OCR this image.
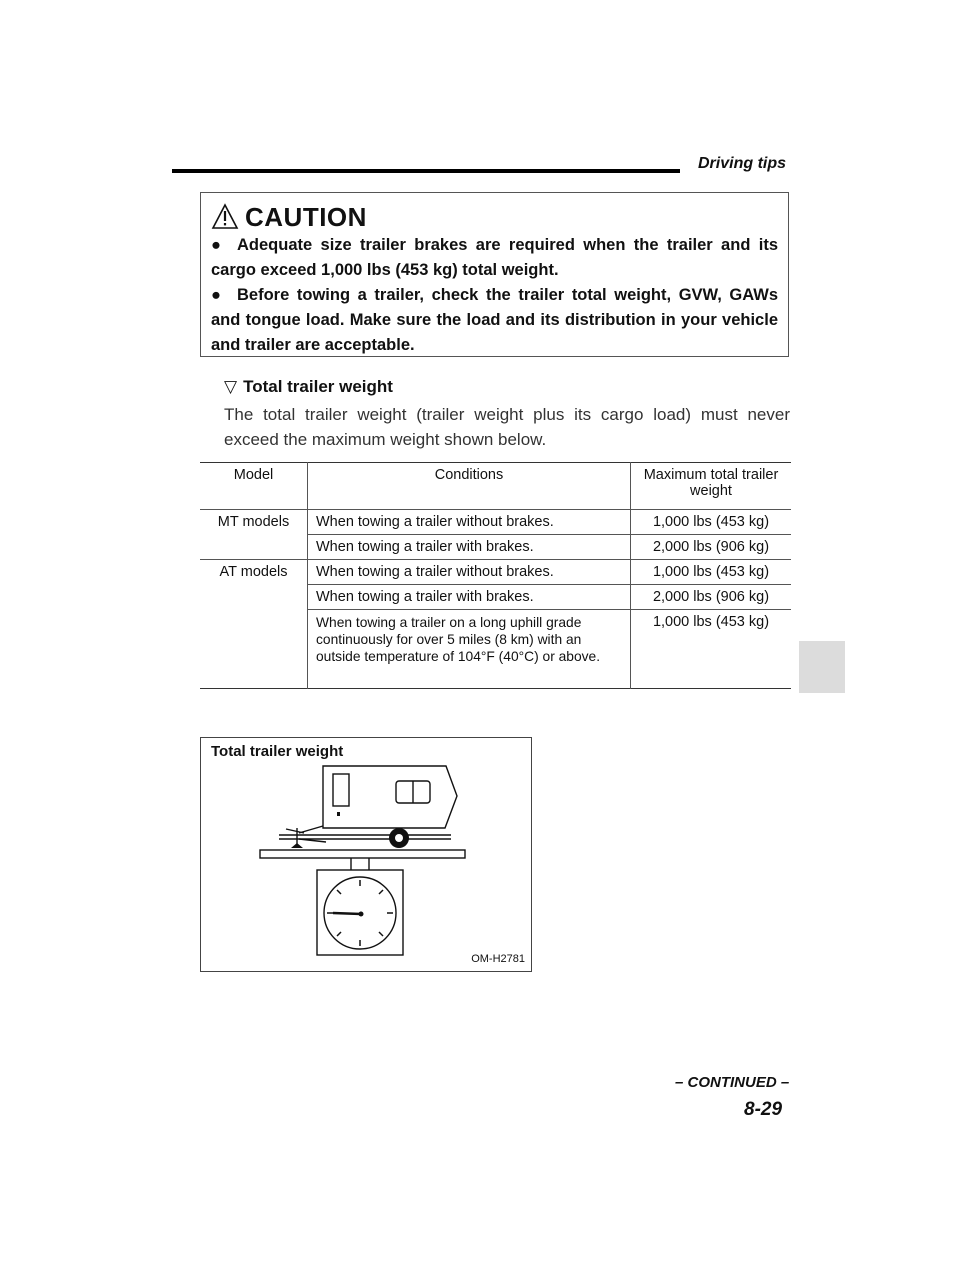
Driving tips
CAUTION

● Adequate size trailer brakes are required when the trailer and its cargo exceed 1,000 lbs (453 kg) total weight.

● Before towing a trailer, check the trailer total weight, GVW, GAWs and tongue load. Make sure the load and its distribution in your vehicle and trailer are acceptable.

▽ Total trailer weight
The total trailer weight (trailer weight plus its cargo load) must never exceed the maximum weight shown below.
Model	Conditions	Maximum total trailer weight
MT models	When towing a trailer without brakes.	1,000 lbs (453 kg)
	When towing a trailer with brakes.	2,000 lbs (906 kg)
AT models	When towing a trailer without brakes.	1,000 lbs (453 kg)
	When towing a trailer with brakes.	2,000 lbs (906 kg)
	When towing a trailer on a long uphill grade continuously for over 5 miles (8 km) with an outside temperature of 104°F (40°C) or above.	1,000 lbs (453 kg)
Total trailer weight
OM-H2781
– CONTINUED –
8-29
